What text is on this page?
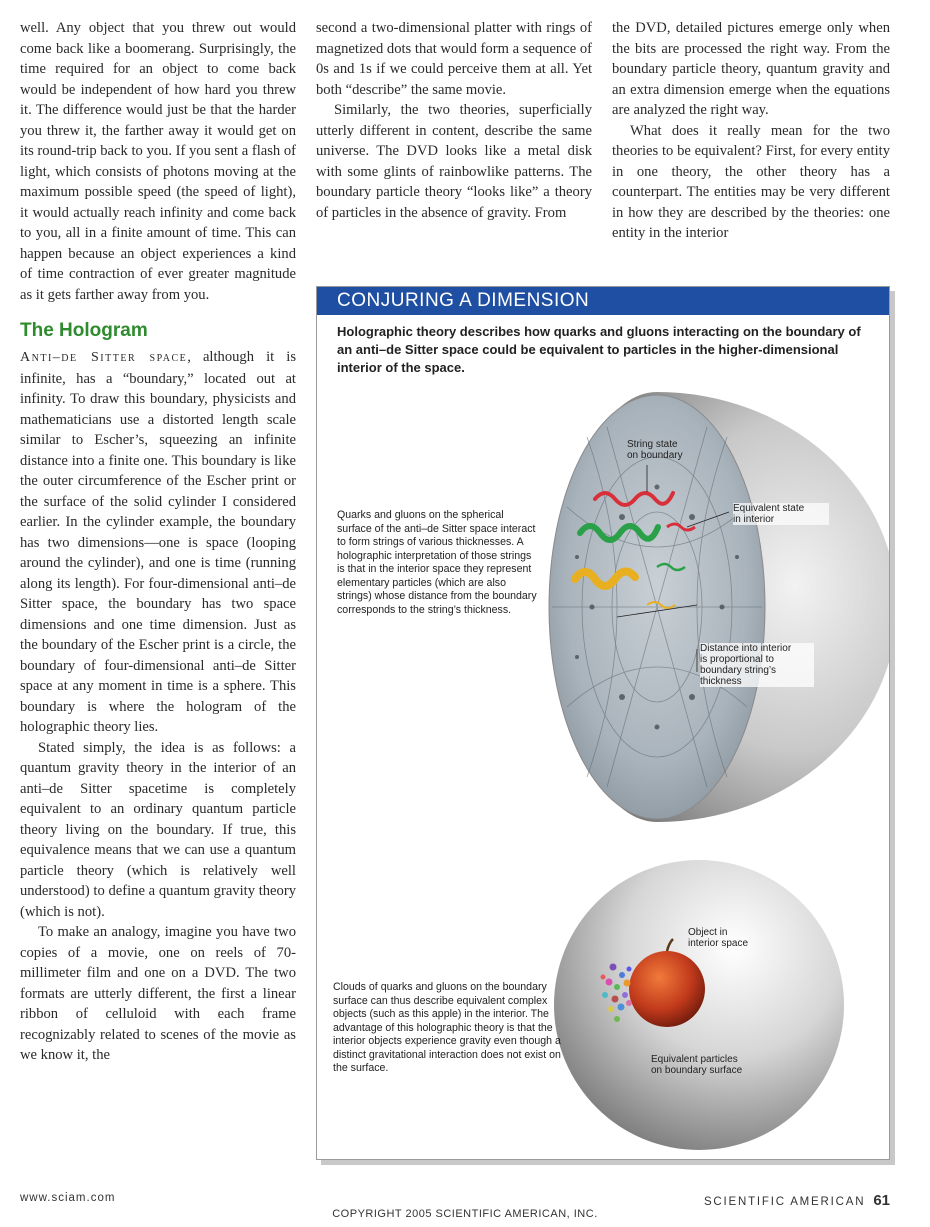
well. Any object that you threw out would come back like a boomerang. Surprisingly, the time required for an object to come back would be independent of how hard you threw it. The difference would just be that the harder you threw it, the farther away it would get on its round-trip back to you. If you sent a flash of light, which consists of photons moving at the maximum possible speed (the speed of light), it would actually reach infinity and come back to you, all in a finite amount of time. This can happen because an object experiences a kind of time contraction of ever greater magnitude as it gets farther away from you.

The Hologram

Anti–de Sitter space, although it is infinite, has a “boundary,” located out at infinity. To draw this boundary, physicists and mathematicians use a distorted length scale similar to Escher’s, squeezing an infinite distance into a finite one. This boundary is like the outer circumference of the Escher print or the surface of the solid cylinder I considered earlier. In the cylinder example, the boundary has two dimensions—one is space (looping around the cylinder), and one is time (running along its length). For four-dimensional anti–de Sitter space, the boundary has two space dimensions and one time dimension. Just as the boundary of the Escher print is a circle, the boundary of four-dimensional anti–de Sitter space at any moment in time is a sphere. This boundary is where the hologram of the holographic theory lies.

Stated simply, the idea is as follows: a quantum gravity theory in the interior of an anti–de Sitter spacetime is completely equivalent to an ordinary quantum particle theory living on the boundary. If true, this equivalence means that we can use a quantum particle theory (which is relatively well understood) to define a quantum gravity theory (which is not).

To make an analogy, imagine you have two copies of a movie, one on reels of 70-millimeter film and one on a DVD. The two formats are utterly different, the first a linear ribbon of celluloid with each frame recognizably related to scenes of the movie as we know it, the

second a two-dimensional platter with rings of magnetized dots that would form a sequence of 0s and 1s if we could perceive them at all. Yet both “describe” the same movie.

Similarly, the two theories, superficially utterly different in content, describe the same universe. The DVD looks like a metal disk with some glints of rainbowlike patterns. The boundary particle theory “looks like” a theory of particles in the absence of gravity. From

the DVD, detailed pictures emerge only when the bits are processed the right way. From the boundary particle theory, quantum gravity and an extra dimension emerge when the equations are analyzed the right way.

What does it really mean for the two theories to be equivalent? First, for every entity in one theory, the other theory has a counterpart. The entities may be very different in how they are described by the theories: one entity in the interior

CONJURING A DIMENSION
Holographic theory describes how quarks and gluons interacting on the boundary of an anti–de Sitter space could be equivalent to particles in the higher-dimensional interior of the space.
Quarks and gluons on the spherical surface of the anti–de Sitter space interact to form strings of various thicknesses. A holographic interpretation of those strings is that in the interior space they represent elementary particles (which are also strings) whose distance from the boundary corresponds to the string’s thickness.
Clouds of quarks and gluons on the boundary surface can thus describe equivalent complex objects (such as this apple) in the interior. The advantage of this holographic theory is that the interior objects experience gravity even though a distinct gravitational interaction does not exist on the surface.
String state
on boundary
Equivalent state
in interior
Distance into interior
is proportional to
boundary string’s
thickness
Object in
interior space
Equivalent particles
on boundary surface
www.sciam.com
COPYRIGHT 2005 SCIENTIFIC AMERICAN, INC.
SCIENTIFIC AMERICAN 61
